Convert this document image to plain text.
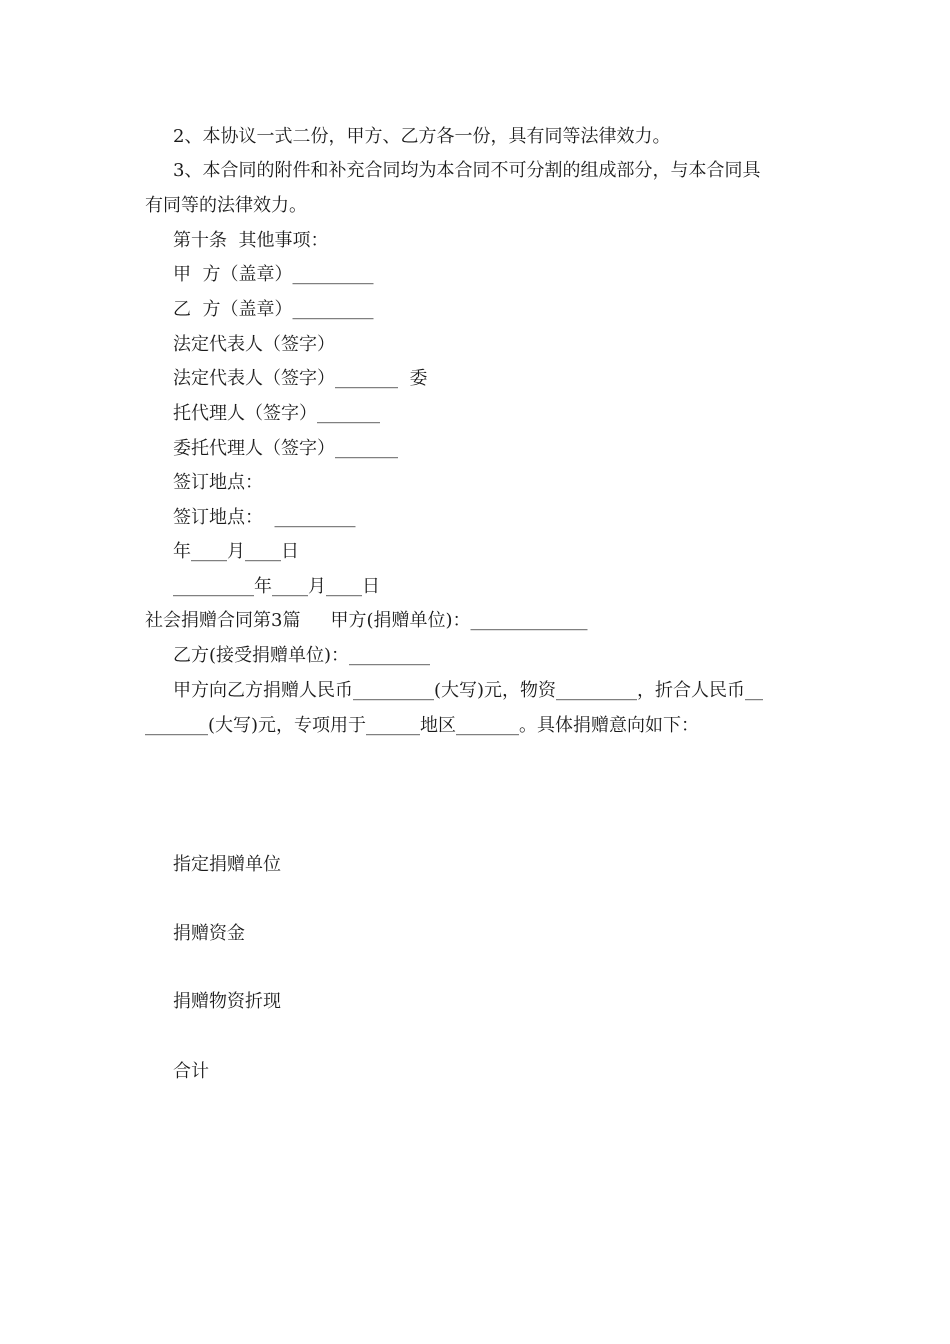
2、本协议一式二份，甲方、乙方各一份，具有同等法律效力。
3、本合同的附件和补充合同均为本合同不可分割的组成部分，与本合同具
有同等的法律效力。
第十条  其他事项：
甲  方（盖章）_________
乙  方（盖章）_________
法定代表人（签字）
法定代表人（签字）_______  委
托代理人（签字）_______
委托代理人（签字）_______
签订地点：
签订地点：  _________
年____月____日
_________年____月____日
社会捐赠合同第3篇 甲方(捐赠单位)：_____________
乙方(接受捐赠单位)：_________
甲方向乙方捐赠人民币_________(大写)元，物资_________，折合人民币__
_______(大写)元，专项用于______地区_______。具体捐赠意向如下：
指定捐赠单位
捐赠资金
捐赠物资折现
合计
